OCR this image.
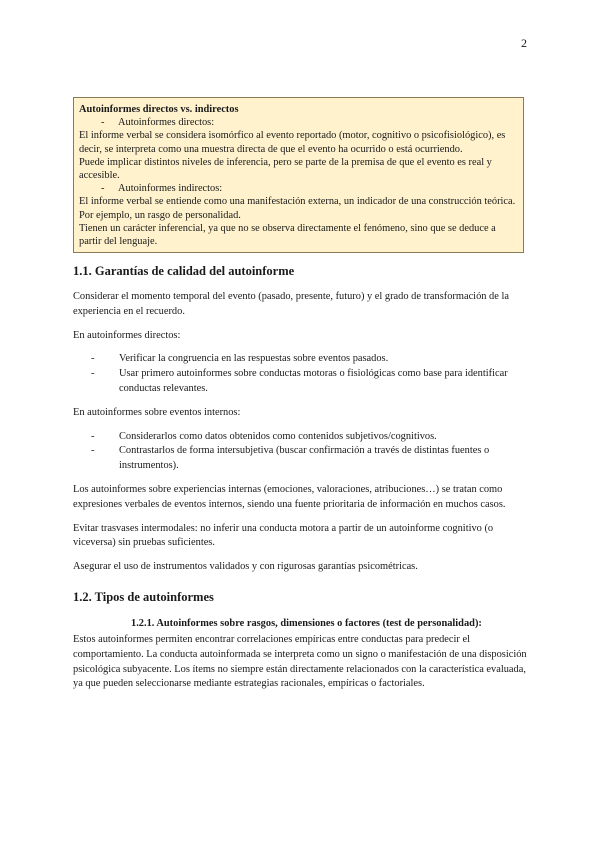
2
Autoinformes directos vs. indirectos
- Autoinformes directos:
El informe verbal se considera isomórfico al evento reportado (motor, cognitivo o psicofisiológico), es decir, se interpreta como una muestra directa de que el evento ha ocurrido o está ocurriendo.
Puede implicar distintos niveles de inferencia, pero se parte de la premisa de que el evento es real y accesible.
- Autoinformes indirectos:
El informe verbal se entiende como una manifestación externa, un indicador de una construcción teórica. Por ejemplo, un rasgo de personalidad.
Tienen un carácter inferencial, ya que no se observa directamente el fenómeno, sino que se deduce a partir del lenguaje.
1.1. Garantías de calidad del autoinforme

Considerar el momento temporal del evento (pasado, presente, futuro) y el grado de transformación de la experiencia en el recuerdo.

En autoinformes directos:

- Verificar la congruencia en las respuestas sobre eventos pasados.
- Usar primero autoinformes sobre conductas motoras o fisiológicas como base para identificar conductas relevantes.

En autoinformes sobre eventos internos:

- Considerarlos como datos obtenidos como contenidos subjetivos/cognitivos.
- Contrastarlos de forma intersubjetiva (buscar confirmación a través de distintas fuentes o instrumentos).

Los autoinformes sobre experiencias internas (emociones, valoraciones, atribuciones…) se tratan como expresiones verbales de eventos internos, siendo una fuente prioritaria de información en muchos casos.

Evitar trasvases intermodales: no inferir una conducta motora a partir de un autoinforme cognitivo (o viceversa) sin pruebas suficientes.

Asegurar el uso de instrumentos validados y con rigurosas garantías psicométricas.

1.2. Tipos de autoinformes
1.2.1. Autoinformes sobre rasgos, dimensiones o factores (test de personalidad):

Estos autoinformes permiten encontrar correlaciones empíricas entre conductas para predecir el comportamiento. La conducta autoinformada se interpreta como un signo o manifestación de una disposición psicológica subyacente. Los ítems no siempre están directamente relacionados con la característica evaluada, ya que pueden seleccionarse mediante estrategias racionales, empíricas o factoriales.
